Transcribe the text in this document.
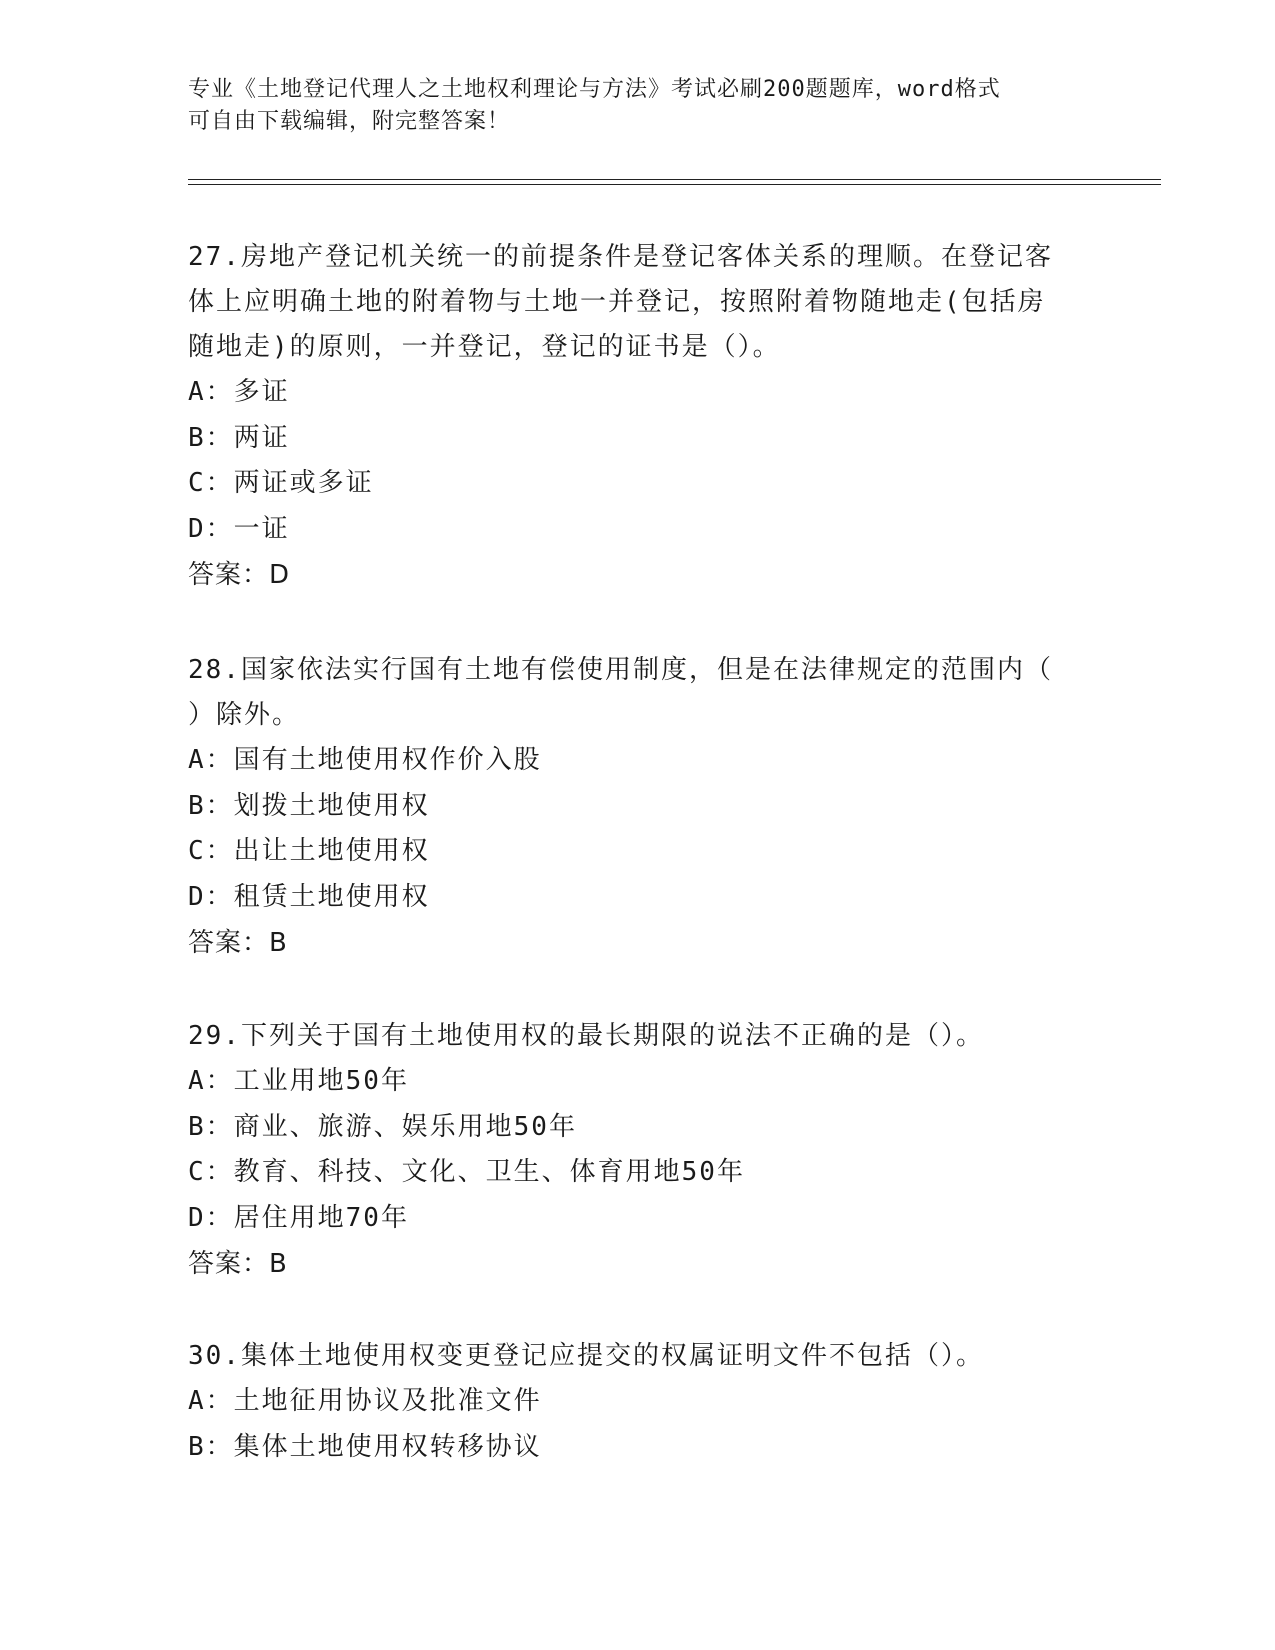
专业《土地登记代理人之土地权利理论与方法》考试必刷200题题库，word格式
可自由下载编辑，附完整答案！
27.房地产登记机关统一的前提条件是登记客体关系的理顺。在登记客
体上应明确土地的附着物与土地一并登记，按照附着物随地走(包括房
随地走)的原则，一并登记，登记的证书是（）。
A：多证
B：两证
C：两证或多证
D：一证
答案：D
28.国家依法实行国有土地有偿使用制度，但是在法律规定的范围内（
）除外。
A：国有土地使用权作价入股
B：划拨土地使用权
C：出让土地使用权
D：租赁土地使用权
答案：B
29.下列关于国有土地使用权的最长期限的说法不正确的是（）。
A：工业用地50年
B：商业、旅游、娱乐用地50年
C：教育、科技、文化、卫生、体育用地50年
D：居住用地70年
答案：B
30.集体土地使用权变更登记应提交的权属证明文件不包括（）。
A：土地征用协议及批准文件
B：集体土地使用权转移协议
